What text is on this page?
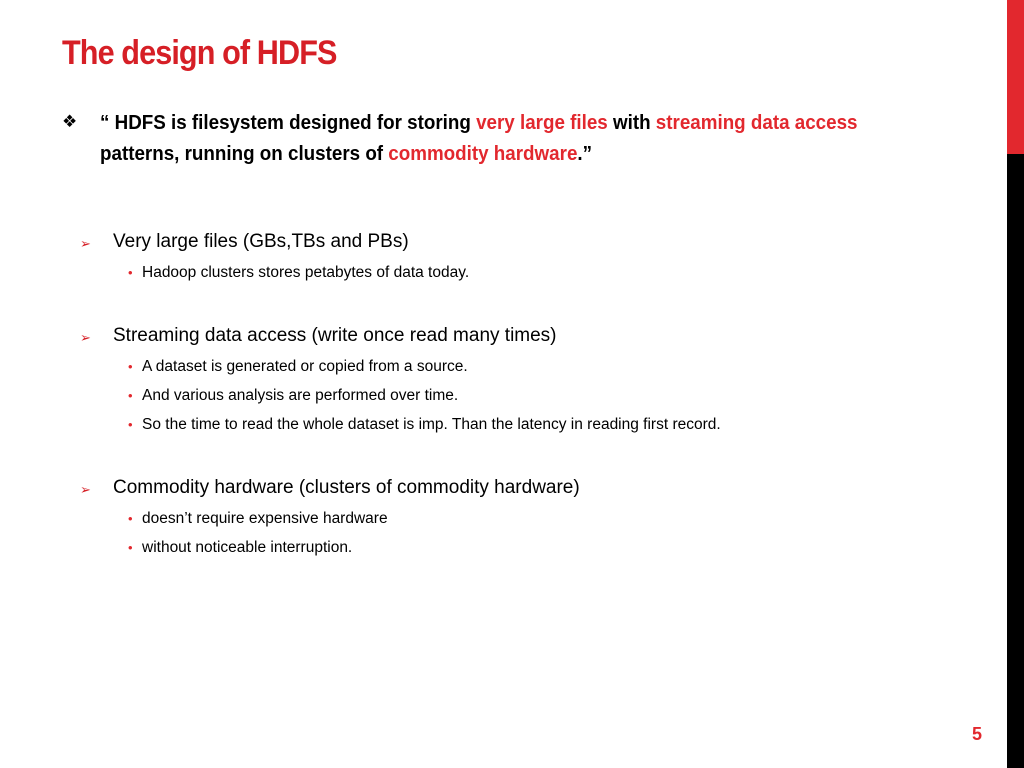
The design of HDFS
❖ “ HDFS is filesystem designed for storing very large files with streaming data access patterns, running on clusters of commodity hardware.”
➢ Very large files (GBs,TBs and PBs)
• Hadoop clusters stores petabytes of data today.
➢ Streaming data access (write once read many times)
• A dataset is generated or copied from a source.
• And various analysis are performed over time.
• So the time to read the whole dataset is imp. Than the latency in reading first record.
➢ Commodity hardware (clusters of commodity hardware)
• doesn’t require expensive hardware
• without noticeable interruption.
5
